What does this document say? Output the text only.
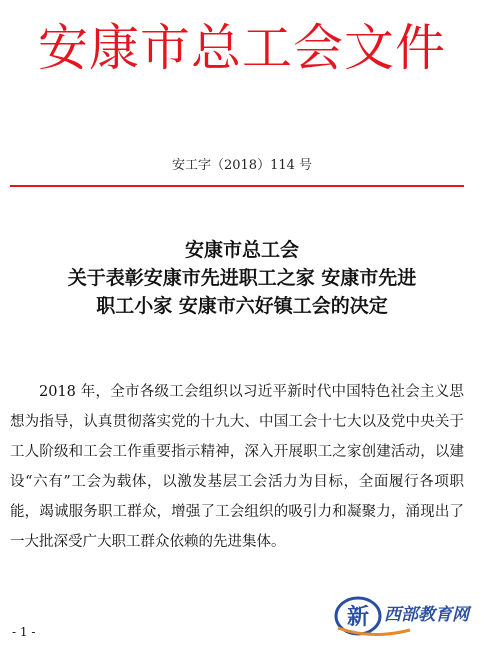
安康市总工会文件
安工字（2018）114 号
安康市总工会
关于表彰安康市先进职工之家 安康市先进
职工小家 安康市六好镇工会的决定

2018 年，全市各级工会组织以习近平新时代中国特色社会主义思想为指导，认真贯彻落实党的十九大、中国工会十七大以及党中央关于工人阶级和工会工作重要指示精神，深入开展职工之家创建活动，以建设“六有”工会为载体，以激发基层工会活力为目标，全面履行各项职能，竭诚服务职工群众，增强了工会组织的吸引力和凝聚力，涌现出了一大批深受广大职工群众依赖的先进集体。

- 1 -
新 西部教育网
